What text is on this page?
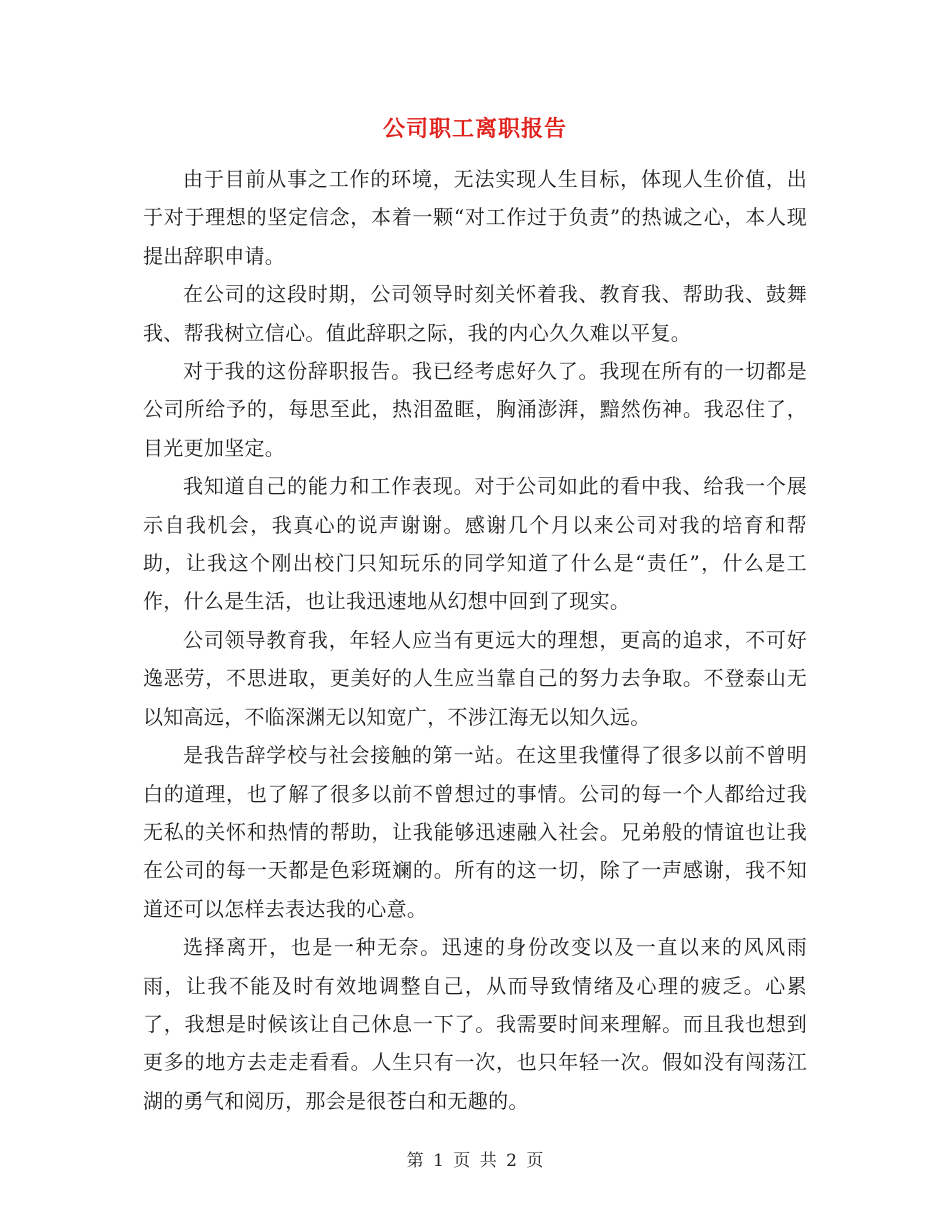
公司职工离职报告

由于目前从事之工作的环境，无法实现人生目标，体现人生价值，出于对于理想的坚定信念，本着一颗“对工作过于负责”的热诚之心，本人现提出辞职申请。

在公司的这段时期，公司领导时刻关怀着我、教育我、帮助我、鼓舞我、帮我树立信心。值此辞职之际，我的内心久久难以平复。

对于我的这份辞职报告。我已经考虑好久了。我现在所有的一切都是公司所给予的，每思至此，热泪盈眶，胸涌澎湃，黯然伤神。我忍住了，目光更加坚定。

我知道自己的能力和工作表现。对于公司如此的看中我、给我一个展示自我机会，我真心的说声谢谢。感谢几个月以来公司对我的培育和帮助，让我这个刚出校门只知玩乐的同学知道了什么是“责任”，什么是工作，什么是生活，也让我迅速地从幻想中回到了现实。

公司领导教育我，年轻人应当有更远大的理想，更高的追求，不可好逸恶劳，不思进取，更美好的人生应当靠自己的努力去争取。不登泰山无以知高远，不临深渊无以知宽广，不涉江海无以知久远。

是我告辞学校与社会接触的第一站。在这里我懂得了很多以前不曾明白的道理，也了解了很多以前不曾想过的事情。公司的每一个人都给过我无私的关怀和热情的帮助，让我能够迅速融入社会。兄弟般的情谊也让我在公司的每一天都是色彩斑斓的。所有的这一切，除了一声感谢，我不知道还可以怎样去表达我的心意。

选择离开，也是一种无奈。迅速的身份改变以及一直以来的风风雨雨，让我不能及时有效地调整自己，从而导致情绪及心理的疲乏。心累了，我想是时候该让自己休息一下了。我需要时间来理解。而且我也想到更多的地方去走走看看。人生只有一次，也只年轻一次。假如没有闯荡江湖的勇气和阅历，那会是很苍白和无趣的。

第 1 页 共 2 页
